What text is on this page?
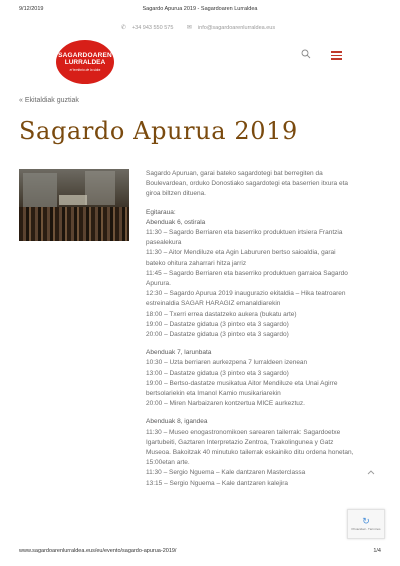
9/12/2019	Sagardo Apurua 2019 - Sagardoaren Lurraldea
✆ +34 943 550 575 ✉ info@sagardoarenlurraldea.eus
SAGARDOAREN
LURRALDEA
el territorio de la sidra
« Ekitaldiak guztiak
Sagardo Apurua 2019

Sagardo Apuruan, garai bateko sagardotegi bat berregiten da

Boulevardean, orduko Donostiako sagardotegi eta baserrien itxura eta

giroa biltzen dituena.

Egitaraua:

Abenduak 6, ostirala

11:30 – Sagardo Berriaren eta baserriko produktuen irtsiera Frantzia

pasealekura

11:30 – Aitor Mendiluze eta Agin Labururen bertso saioaldia, garai

bateko ohitura zaharrari hitza jarriz

11:45 – Sagardo Berriaren eta baserriko produktuen garraioa Sagardo

Apurura.

12:30 – Sagardo Apurua 2019 inaugurazio ekitaldia – Hika teatroaren

estreinaldia SAGAR HARAGIZ emanaldiarekin

18:00 – Txerri errea dastatzeko aukera (bukatu arte)

19:00 – Dastatze gidatua (3 pintxo eta 3 sagardo)

20:00 – Dastatze gidatua (3 pintxo eta 3 sagardo)

Abenduak 7, larunbata

10:30 – Uzta berriaren aurkezpena 7 lurraldeen izenean

13:00 – Dastatze gidatua (3 pintxo eta 3 sagardo)

19:00 – Bertso-dastatze musikatua Aitor Mendiluze eta Unai Agirre

bertsolariekin eta Imanol Kamio musikariarekin

20:00 – Miren Narbaizaren kontzertua MICE aurkeztuz.

Abenduak 8, igandea

11:30 – Museo enogastronomikoen sarearen tailerrak: Sagardoetxe

Igartubeiti, Gaztaren Interpretazio Zentroa, Txakolingunea y Gatz

Museoa. Bakoitzak 40 minutuko tailerrak eskainiko ditu ordena honetan,

15:00etan arte.

11:30 – Sergio Nguema – Kale dantzaren Masterclassa

13:15 – Sergio Nguema – Kale dantzaren kalejira

↻
Privacidad - Términos
www.sagardoarenlurraldea.eus/eu/evento/sagardo-apurua-2019/	1/4
